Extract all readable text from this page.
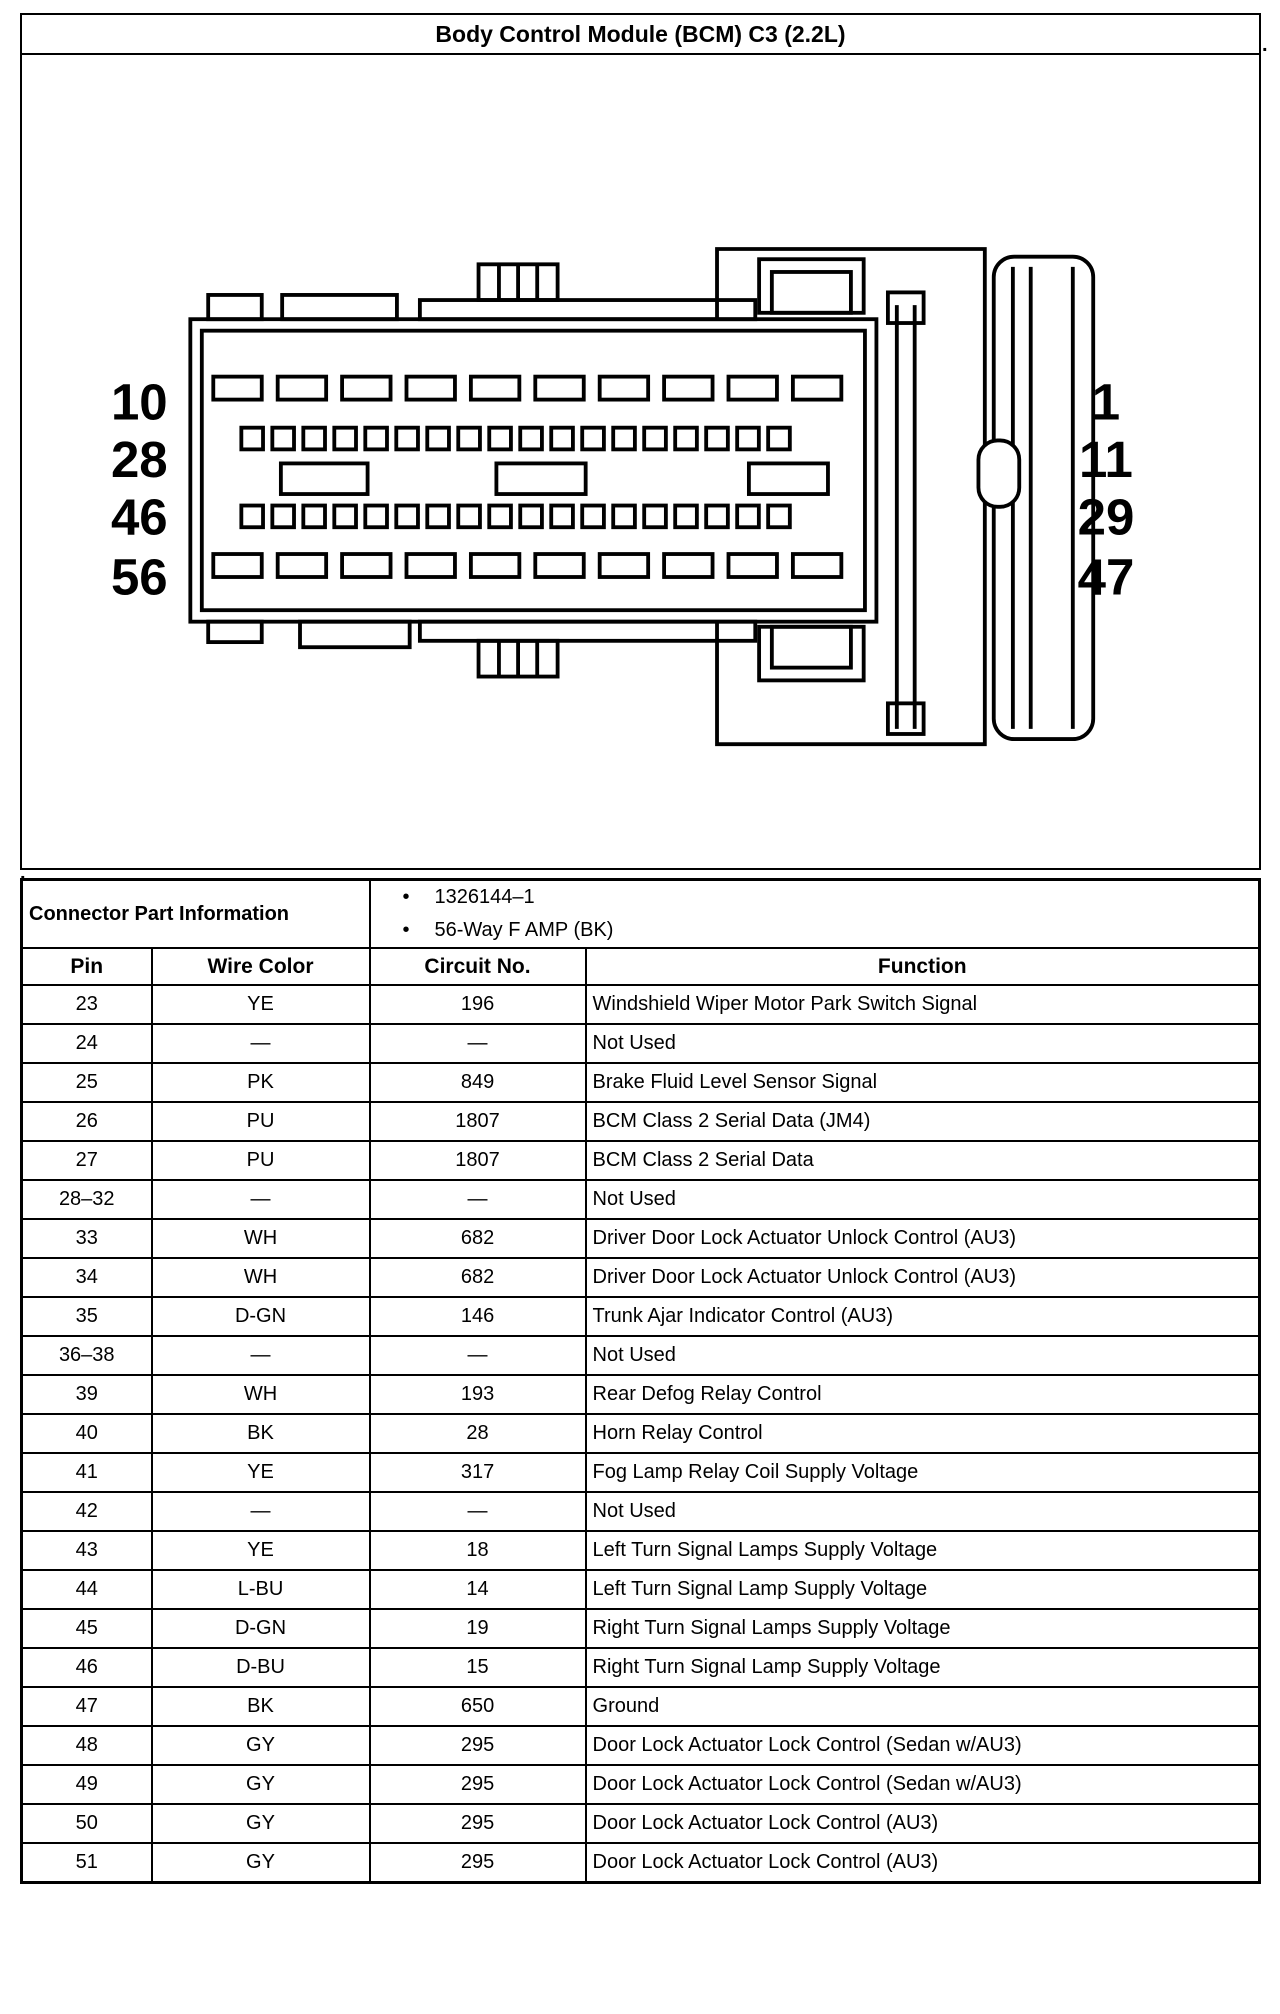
.
.
Body Control Module (BCM) C3 (2.2L)
10
28
46
56
1
11
29
47
Connector Part Information	
• 1326144–1
• 56-Way F AMP (BK)

Pin	Wire Color	Circuit No.	Function
23	YE	196	Windshield Wiper Motor Park Switch Signal
24	—	—	Not Used
25	PK	849	Brake Fluid Level Sensor Signal
26	PU	1807	BCM Class 2 Serial Data (JM4)
27	PU	1807	BCM Class 2 Serial Data
28–32	—	—	Not Used
33	WH	682	Driver Door Lock Actuator Unlock Control (AU3)
34	WH	682	Driver Door Lock Actuator Unlock Control (AU3)
35	D-GN	146	Trunk Ajar Indicator Control (AU3)
36–38	—	—	Not Used
39	WH	193	Rear Defog Relay Control
40	BK	28	Horn Relay Control
41	YE	317	Fog Lamp Relay Coil Supply Voltage
42	—	—	Not Used
43	YE	18	Left Turn Signal Lamps Supply Voltage
44	L-BU	14	Left Turn Signal Lamp Supply Voltage
45	D-GN	19	Right Turn Signal Lamps Supply Voltage
46	D-BU	15	Right Turn Signal Lamp Supply Voltage
47	BK	650	Ground
48	GY	295	Door Lock Actuator Lock Control (Sedan w/AU3)
49	GY	295	Door Lock Actuator Lock Control (Sedan w/AU3)
50	GY	295	Door Lock Actuator Lock Control (AU3)
51	GY	295	Door Lock Actuator Lock Control (AU3)
